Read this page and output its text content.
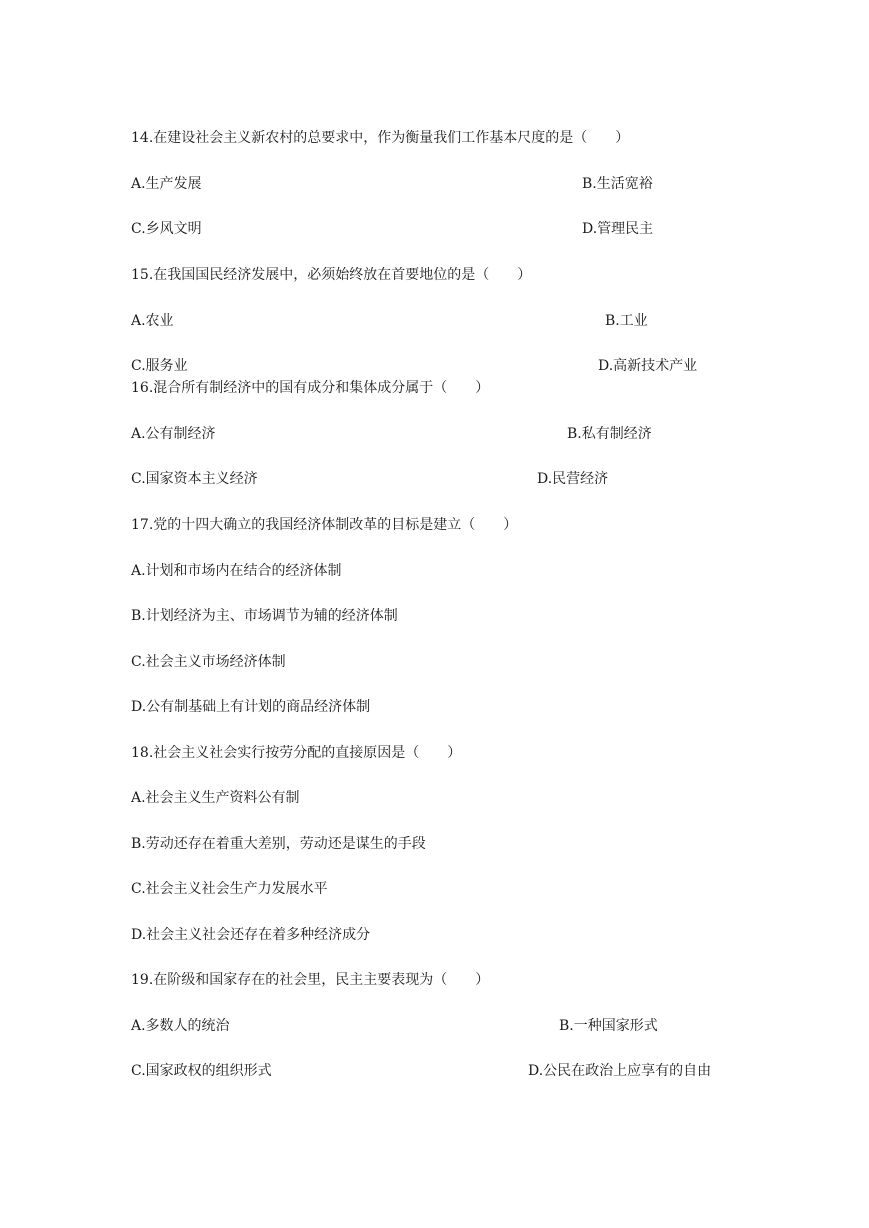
14.在建设社会主义新农村的总要求中，作为衡量我们工作基本尺度的是（　　）
A.生产发展	B.生活宽裕
C.乡风文明	D.管理民主
15.在我国国民经济发展中，必须始终放在首要地位的是（　　）
A.农业	B.工业
C.服务业	D.高新技术产业
16.混合所有制经济中的国有成分和集体成分属于（　　）
A.公有制经济	B.私有制经济
C.国家资本主义经济	D.民营经济
17.党的十四大确立的我国经济体制改革的目标是建立（　　）
A.计划和市场内在结合的经济体制
B.计划经济为主、市场调节为辅的经济体制
C.社会主义市场经济体制
D.公有制基础上有计划的商品经济体制
18.社会主义社会实行按劳分配的直接原因是（　　）
A.社会主义生产资料公有制
B.劳动还存在着重大差别，劳动还是谋生的手段
C.社会主义社会生产力发展水平
D.社会主义社会还存在着多种经济成分
19.在阶级和国家存在的社会里，民主主要表现为（　　）
A.多数人的统治	B.一种国家形式
C.国家政权的组织形式	D.公民在政治上应享有的自由
